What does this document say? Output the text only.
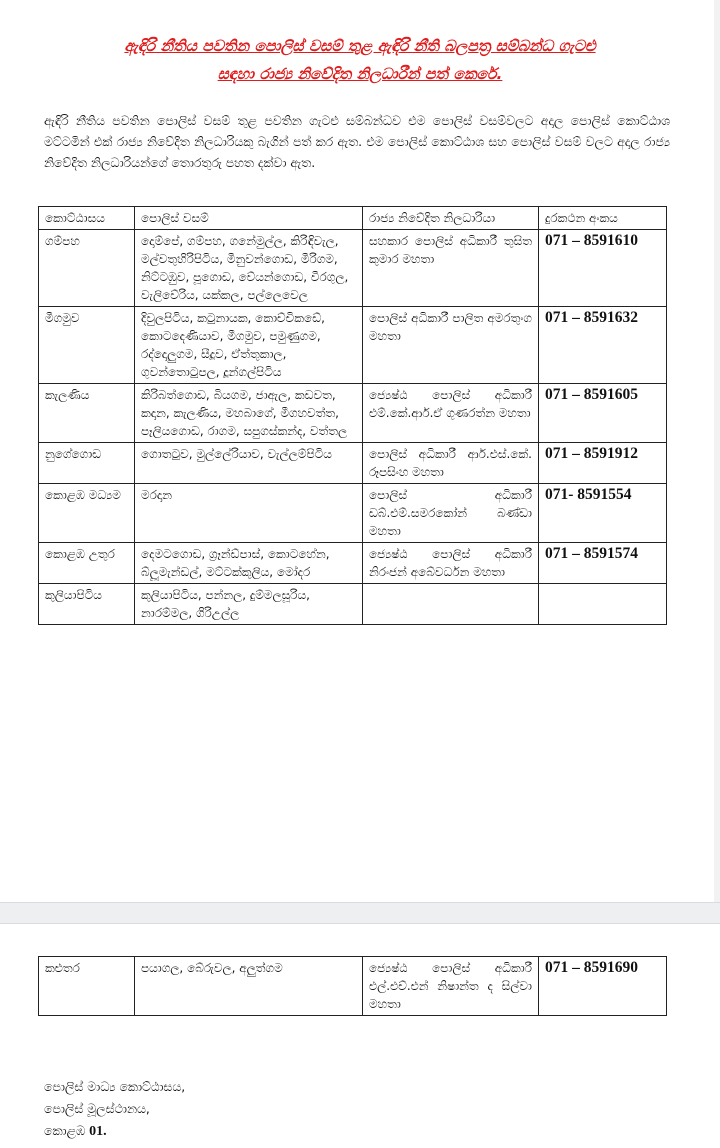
ඇඳිරි නීතිය පවතින පොලිස් වසම් තුළ ඇඳිරි නීති බලපත්‍ර සම්බන්ධ ගැටළු
සඳහා රාජ්‍ය නිවේදිත නිලධාරීන් පත් කෙරේ.
ඇඳිරි නීතිය පවතින පොලිස් වසම් තුළ පවතින ගැටළු සම්බන්ධව එම පොලිස් වසම්වලට අදාල පොලිස් කොට්ඨාශ මට්ටමින් එක් රාජ්‍ය නිවේදිත නිලධාරියකු බැගින් පත් කර ඇත. එම පොලිස් කොට්ඨාශ සහ පොලිස් වසම් වලට අදාල රාජ්‍ය නිවේදිත නිලධාරියන්ගේ තොරතුරු පහත දක්වා ඇත.
කොට්ඨාසය	පොලිස් වසම්	රාජ්‍ය නිවේදිත නිලධාරියා	දුරකථන අංකය
ගම්පහ	දොම්පේ, ගම්පහ, ගනේමුල්ල, කිරිඳිවැල, මල්වතුහිරිපිටිය, මීනුවන්ගොඩ, මීරිගම, නිට්ටඹුව, පූගොඩ, වේයන්ගොඩ, වීරගුල, වැලිවේරිය, යක්කල, පල්ලෙවෙල	සහකාර පොලිස් අධිකාරී තුසිත කුමාර මහතා	071 – 8591610
මීගමුව	දිවුලපිටිය, කටුනායක, කොච්චිකඩේ, කොටදෙණියාව, මීගමුව, පමුණුගම, රද්දොලුගම, සීදූව, ඒත්තුකාල, ගුවන්තොටුපල, දූන්ගල්පිටිය	පොලිස් අධිකාරී පාලිත අමරතුංග මහතා	071 – 8591632
කැලණිය	කිරිබත්ගොඩ, බියගම, ජාඇල, කඩවත, කදාන, කැලණිය, මහබාගේ, මීගහවත්ත, පෑලියගොඩ, රාගම, සපුගස්කන්ද, වත්තල	ජ්‍යෙෂ්ඨ පොලිස් අධිකාරී එම්.කේ.ආර්.ඒ ගුණරත්න මහතා	071 – 8591605
නුගේගොඩ	ගොතටුව, මුල්ලේරියාව, වැල්ලම්පිටිය	පොලිස් අධිකාරී ආර්.එස්.කේ. රූපසිංහ මහතා	071 – 8591912
කොළඹ මධ්‍යම	මරදාන	පොලිස් අධිකාරී ඩබ්.එම්.සමරකෝන් බණ්ඩා මහතා	071- 8591554
කොළඹ උතුර	දෙමටගොඩ, ග්‍රෑන්ඩ්පාස්, කොටහේන, බ්ලූමැන්ඩල්, මට්ටක්කුලිය, මෝදර	ජ්‍යෙෂ්ඨ පොලිස් අධිකාරී නිරංජන් අබේවර්ධන මහතා	071 – 8591574
කුලියාපිටිය	කුලියාපිටිය, පන්නල, දුම්මලසූරිය, නාරම්මල, ගිරිඋල්ල		
කළුතර	පයාගල, බේරුවල, අලුත්ගම	ජ්‍යෙෂ්ඨ පොලිස් අධිකාරී එල්.එච්.එන් නිෂාන්ත ද සිල්වා මහතා	071 – 8591690
පොලිස් මාධ්‍ය කොට්ඨාසය,
පොලිස් මූලස්ථානය,
කොළඹ 01.
